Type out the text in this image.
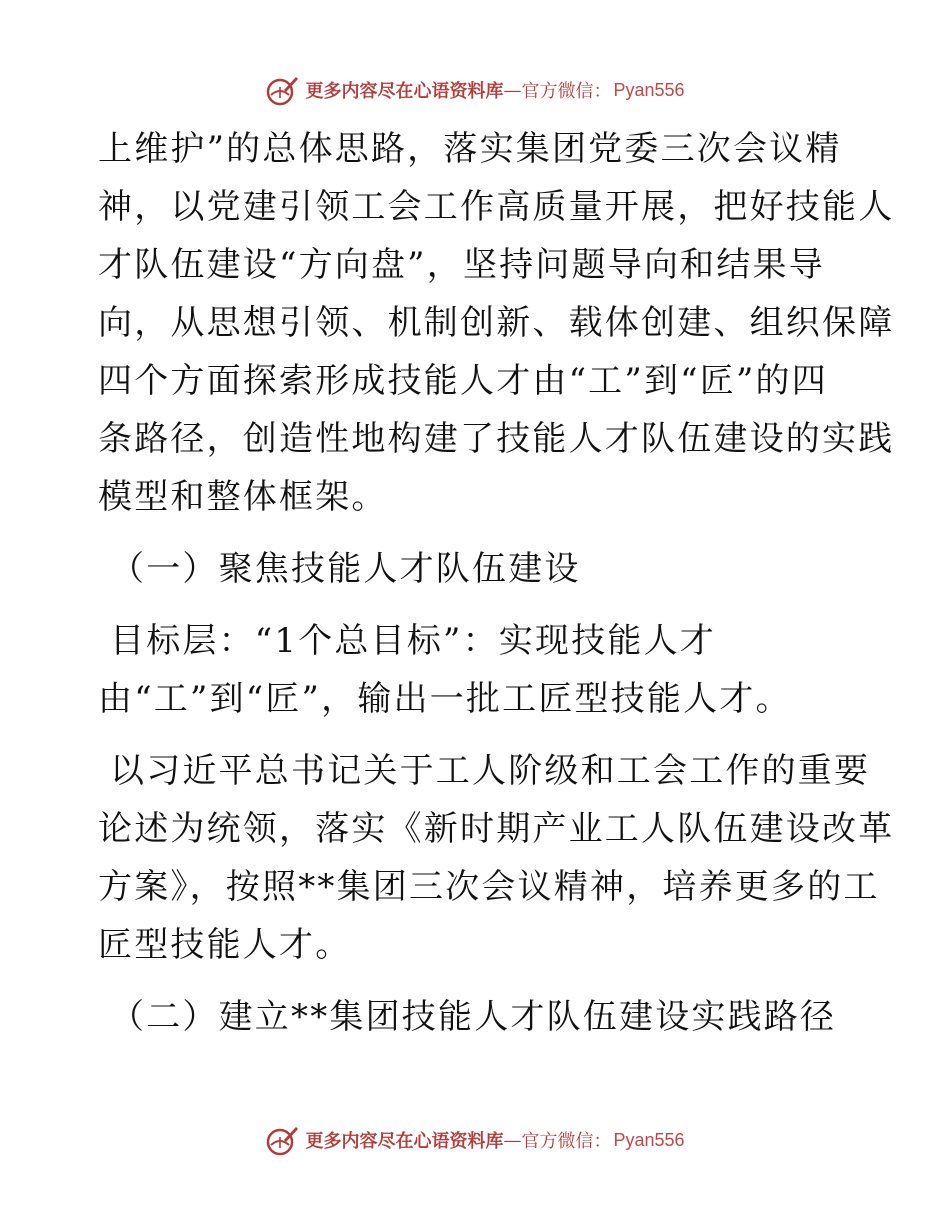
更多内容尽在心语资料库 — 官方微信： Pyan556
上维护”的总体思路，落实集团党委三次会议精
神，以党建引领工会工作高质量开展，把好技能人
才队伍建设“方向盘”，坚持问题导向和结果导
向，从思想引领、机制创新、载体创建、组织保障
四个方面探索形成技能人才由“工”到“匠”的四
条路径，创造性地构建了技能人才队伍建设的实践
模型和整体框架。
（一）聚焦技能人才队伍建设
目标层：“1个总目标”：实现技能人才
由“工”到“匠”，输出一批工匠型技能人才。
以习近平总书记关于工人阶级和工会工作的重要
论述为统领，落实《新时期产业工人队伍建设改革
方案》，按照**集团三次会议精神，培养更多的工
匠型技能人才。
（二）建立**集团技能人才队伍建设实践路径
更多内容尽在心语资料库 — 官方微信： Pyan556
